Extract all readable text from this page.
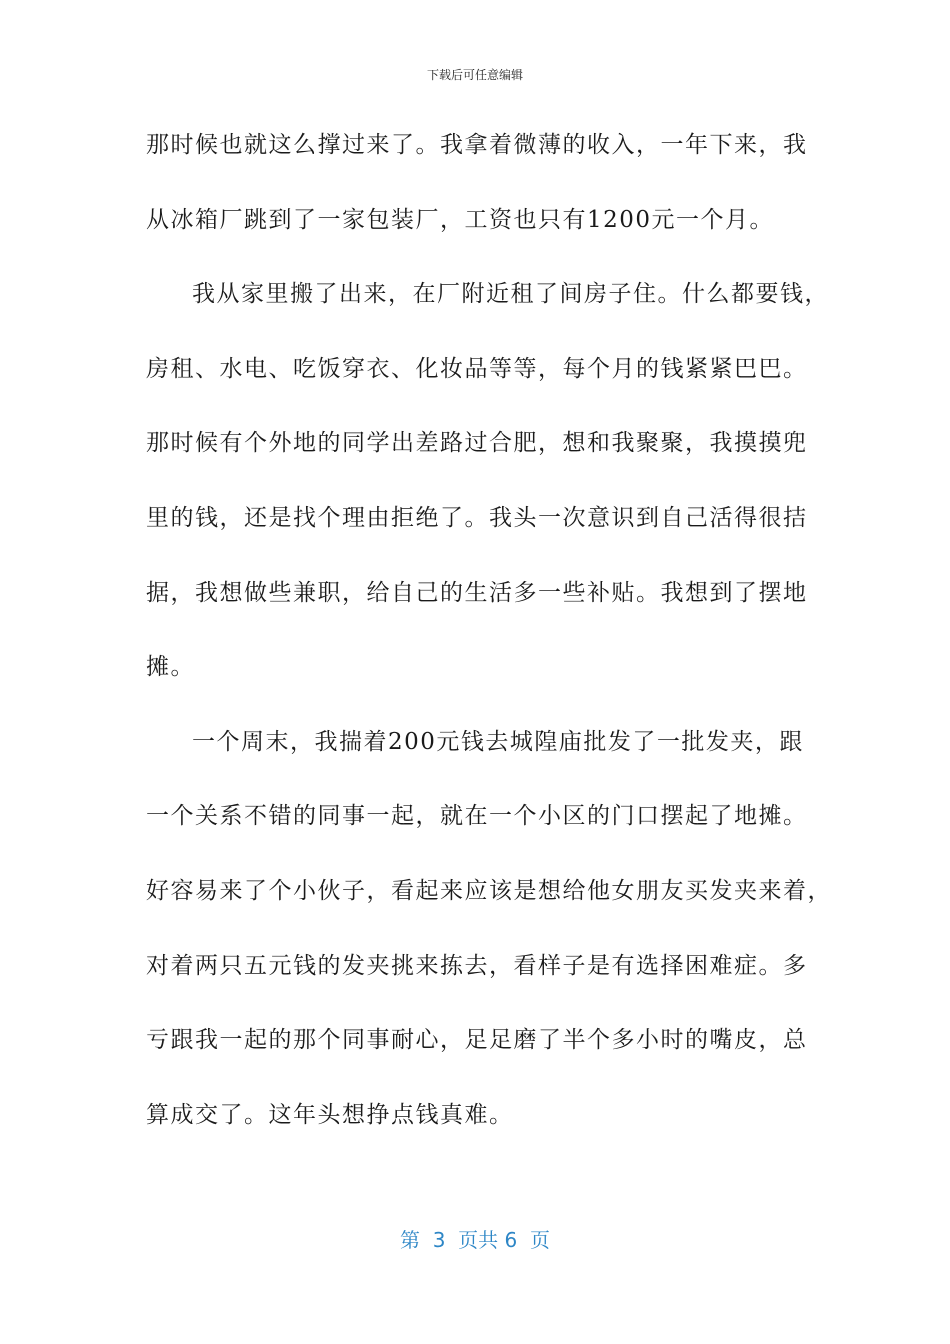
下载后可任意编辑
那时候也就这么撑过来了。我拿着微薄的收入，一年下来，我
从冰箱厂跳到了一家包装厂，工资也只有1200元一个月。
我从家里搬了出来，在厂附近租了间房子住。什么都要钱，
房租、水电、吃饭穿衣、化妆品等等，每个月的钱紧紧巴巴。
那时候有个外地的同学出差路过合肥，想和我聚聚，我摸摸兜
里的钱，还是找个理由拒绝了。我头一次意识到自己活得很拮
据，我想做些兼职，给自己的生活多一些补贴。我想到了摆地
摊。
一个周末，我揣着200元钱去城隍庙批发了一批发夹，跟
一个关系不错的同事一起，就在一个小区的门口摆起了地摊。
好容易来了个小伙子，看起来应该是想给他女朋友买发夹来着，
对着两只五元钱的发夹挑来拣去，看样子是有选择困难症。多
亏跟我一起的那个同事耐心，足足磨了半个多小时的嘴皮，总
算成交了。这年头想挣点钱真难。
第  3  页共 6  页
